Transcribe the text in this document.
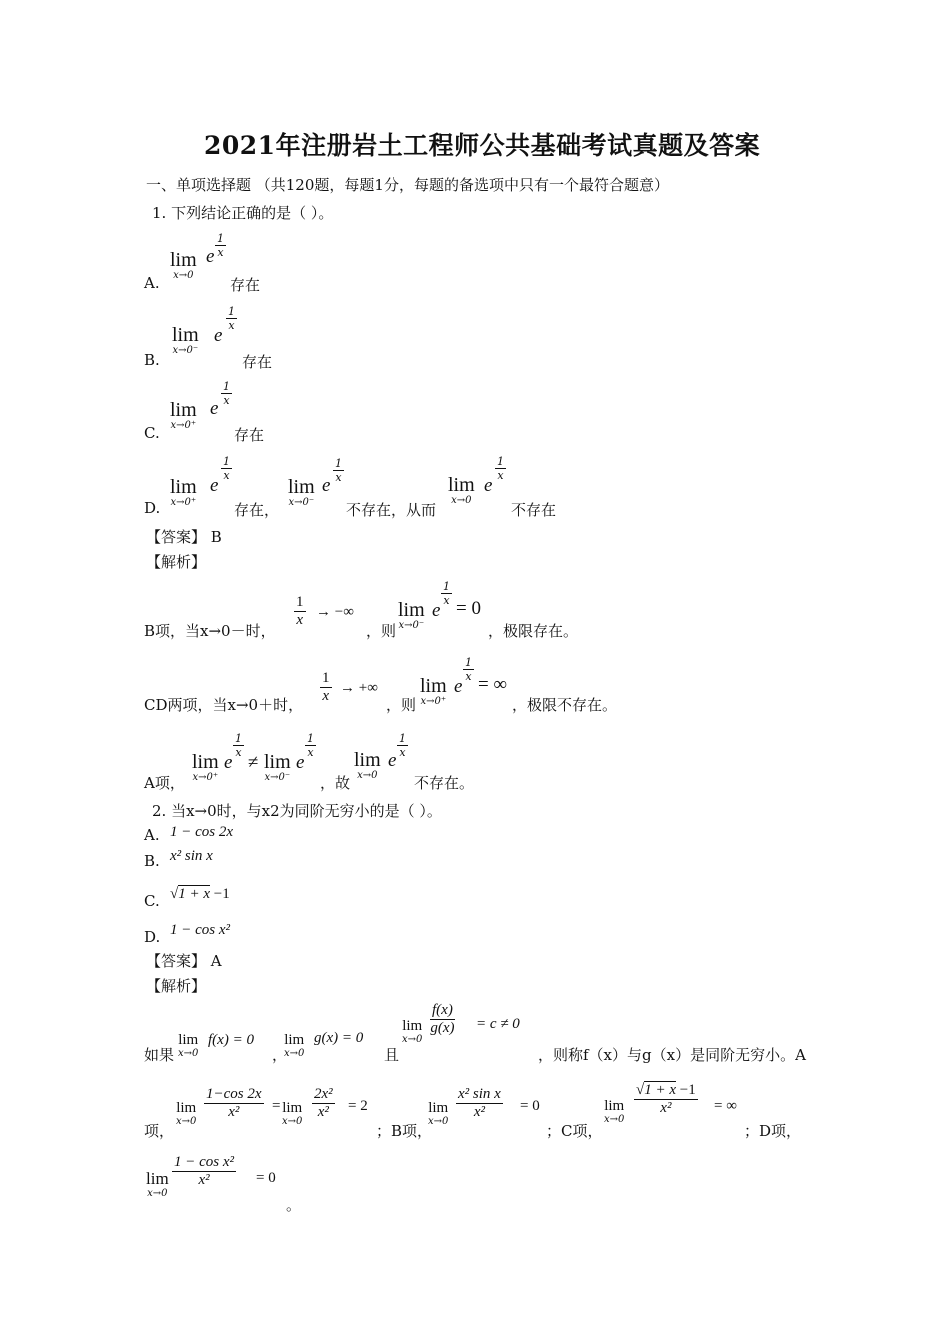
2021年注册岩土工程师公共基础考试真题及答案
一、单项选择题 （共120题，每题1分，每题的备选项中只有一个最符合题意）
1. 下列结论正确的是（ ）。
A.
lim
x→0
e $\frac{1}{x}$
存在
B.
lim
x→0⁻
e
$\frac{1}{x}$
存在
C.
lim
x→0⁺
e
$\frac{1}{x}$
存在
D.
lim
x→0⁺
e
$\frac{1}{x}$
存在，
lim
x→0⁻
e
$\frac{1}{x}$
不存在，从而
lim
x→0
e
$\frac{1}{x}$
不存在
【答案】 B
【解析】
B项，当x→0－时，
$\frac{1}{x}$ → −∞
，则
lim
x→0⁻
e
$\frac{1}{x}$
= 0
，极限存在。
CD两项，当x→0＋时， $\frac{1}{x}$ → +∞
，则
lim
x→0⁺
e
$\frac{1}{x}$
= ∞
，极限不存在。
A项，
lim
x→0⁺
e
$\frac{1}{x}$
≠ lim
x→0⁻
e
$\frac{1}{x}$
，故
lim
x→0
e
$\frac{1}{x}$
不存在。
2. 当x→0时，与x2为同阶无穷小的是（ ）。
A. 1 − cos 2x
B. x² sin x
C. √1 + x −1
D. 1 − cos x²
【答案】 A
【解析】
如果
lim
x→0
f(x) = 0
，
lim
x→0
g(x) = 0
且
lim
x→0
$\frac{f(x)}{g(x)} = c \ne 0$
，则称f（x）与g（x）是同阶无穷小。A
项，
lim
x→0
$\frac{1-\cos 2x}{\text{x²}} = \lim$
x→0
$\frac{\text{2x²}}{\text{x²}} = 2$
；B项，
lim
x→0
$\frac{\text{x² sin x}}{\text{x²}} = 0$
；C项，
lim
x→0
$\frac{√1 + x -1}{\text{x²}}$ = ∞
；D项，
lim
x→0
$\frac{\text{1 − cos x²}}{\text{x²}} = 0$
。
